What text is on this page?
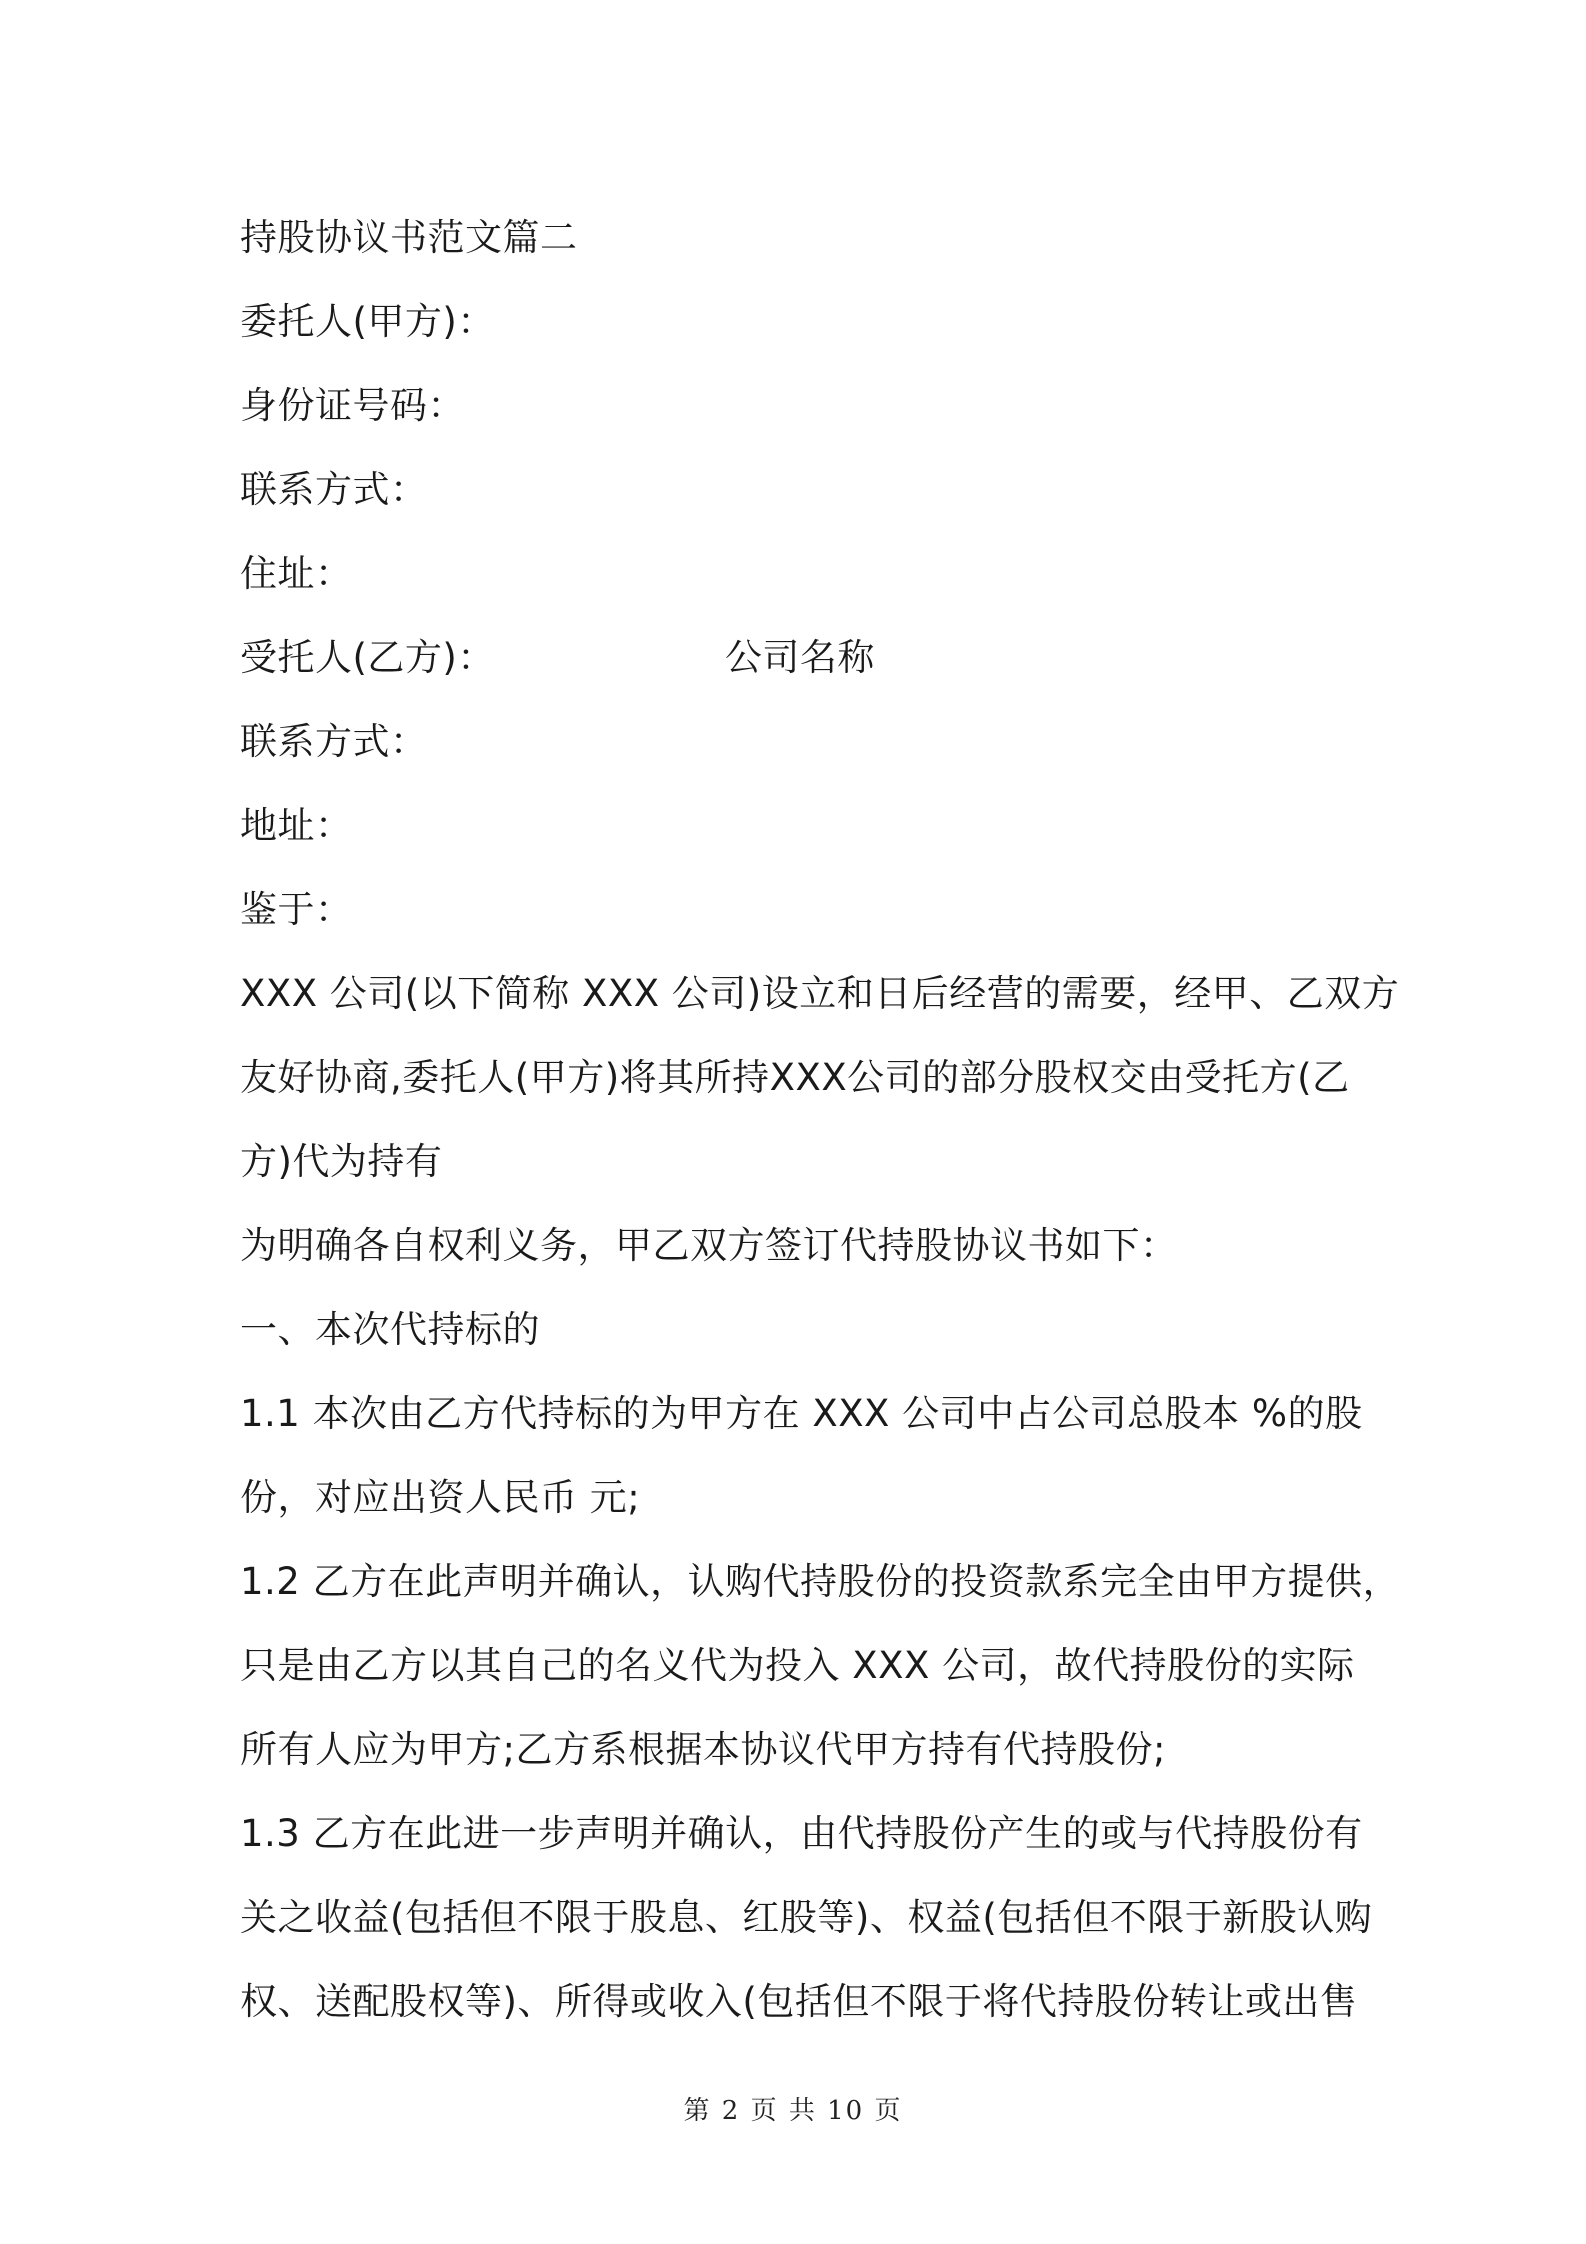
持股协议书范文篇二
委托人(甲方)：
身份证号码：
联系方式：
住址：
受托人(乙方)：	公司名称
联系方式：
地址：
鉴于：
XXX 公司(以下简称 XXX 公司)设立和日后经营的需要，经甲、乙双方
友好协商,委托人(甲方)将其所持XXX公司的部分股权交由受托方(乙
方)代为持有
为明确各自权利义务，甲乙双方签订代持股协议书如下：
一、本次代持标的
1.1 本次由乙方代持标的为甲方在 XXX 公司中占公司总股本 %的股
份，对应出资人民币 元;
1.2 乙方在此声明并确认，认购代持股份的投资款系完全由甲方提供，
只是由乙方以其自己的名义代为投入 XXX 公司，故代持股份的实际
所有人应为甲方;乙方系根据本协议代甲方持有代持股份;
1.3 乙方在此进一步声明并确认，由代持股份产生的或与代持股份有
关之收益(包括但不限于股息、红股等)、权益(包括但不限于新股认购
权、送配股权等)、所得或收入(包括但不限于将代持股份转让或出售
第 2 页 共 10 页
